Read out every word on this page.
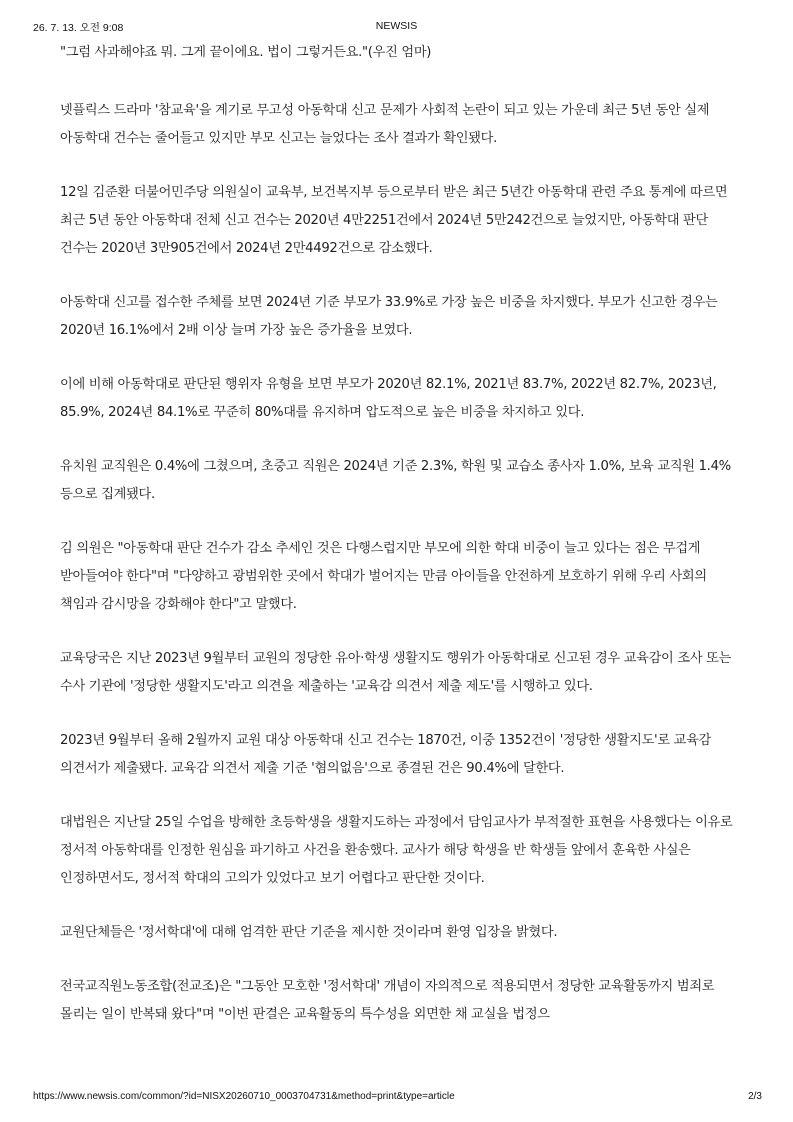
26. 7. 13. 오전 9:08	NEWSIS

"그럼 사과해야죠 뭐. 그게 끝이에요. 법이 그렇거든요."(우진 엄마)

넷플릭스 드라마 '참교육'을 계기로 무고성 아동학대 신고 문제가 사회적 논란이 되고 있는 가운데 최근 5년 동안 실제 아동학대 건수는 줄어들고 있지만 부모 신고는 늘었다는 조사 결과가 확인됐다.

12일 김준환 더불어민주당 의원실이 교육부, 보건복지부 등으로부터 받은 최근 5년간 아동학대 관련 주요 통계에 따르면 최근 5년 동안 아동학대 전체 신고 건수는 2020년 4만2251건에서 2024년 5만242건으로 늘었지만, 아동학대 판단 건수는 2020년 3만905건에서 2024년 2만4492건으로 감소했다.

아동학대 신고를 접수한 주체를 보면 2024년 기준 부모가 33.9%로 가장 높은 비중을 차지했다. 부모가 신고한 경우는 2020년 16.1%에서 2배 이상 늘며 가장 높은 증가율을 보였다.

이에 비해 아동학대로 판단된 행위자 유형을 보면 부모가 2020년 82.1%, 2021년 83.7%, 2022년 82.7%, 2023년, 85.9%, 2024년 84.1%로 꾸준히 80%대를 유지하며 압도적으로 높은 비중을 차지하고 있다.

유치원 교직원은 0.4%에 그쳤으며, 초중고 직원은 2024년 기준 2.3%, 학원 및 교습소 종사자 1.0%, 보육 교직원 1.4% 등으로 집계됐다.

김 의원은 "아동학대 판단 건수가 감소 추세인 것은 다행스럽지만 부모에 의한 학대 비중이 늘고 있다는 점은 무겁게 받아들여야 한다"며 "다양하고 광범위한 곳에서 학대가 벌어지는 만큼 아이들을 안전하게 보호하기 위해 우리 사회의 책임과 감시망을 강화해야 한다"고 말했다.

교육당국은 지난 2023년 9월부터 교원의 정당한 유아·학생 생활지도 행위가 아동학대로 신고된 경우 교육감이 조사 또는 수사 기관에 '정당한 생활지도'라고 의견을 제출하는 '교육감 의견서 제출 제도'를 시행하고 있다.

2023년 9월부터 올해 2월까지 교원 대상 아동학대 신고 건수는 1870건, 이중 1352건이 '정당한 생활지도'로 교육감 의견서가 제출됐다. 교육감 의견서 제출 기준 '혐의없음'으로 종결된 건은 90.4%에 달한다.

대법원은 지난달 25일 수업을 방해한 초등학생을 생활지도하는 과정에서 담임교사가 부적절한 표현을 사용했다는 이유로 정서적 아동학대를 인정한 원심을 파기하고 사건을 환송했다. 교사가 해당 학생을 반 학생들 앞에서 훈육한 사실은 인정하면서도, 정서적 학대의 고의가 있었다고 보기 어렵다고 판단한 것이다.

교원단체들은 '정서학대'에 대해 엄격한 판단 기준을 제시한 것이라며 환영 입장을 밝혔다.

전국교직원노동조합(전교조)은 "그동안 모호한 '정서학대' 개념이 자의적으로 적용되면서 정당한 교육활동까지 범죄로 몰리는 일이 반복돼 왔다"며 "이번 판결은 교육활동의 특수성을 외면한 채 교실을 법정으

https://www.newsis.com/common/?id=NISX20260710_0003704731&method=print&type=article	2/3
